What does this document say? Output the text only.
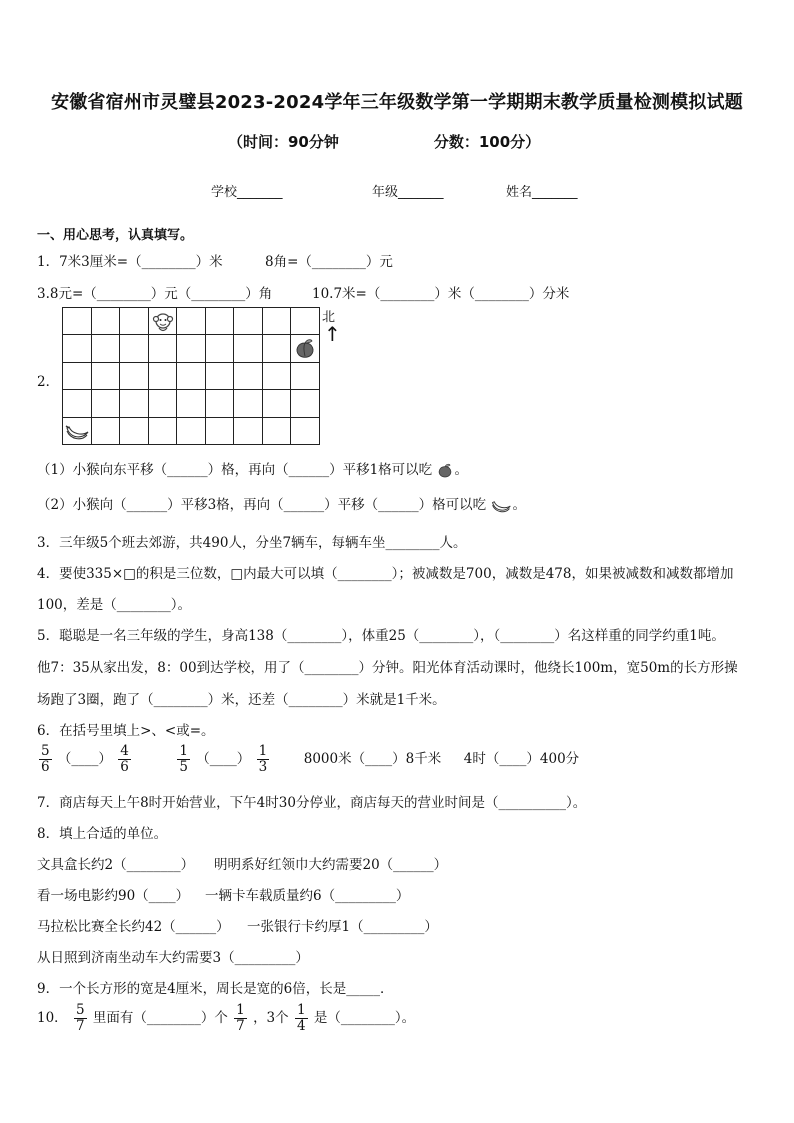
安徽省宿州市灵璧县2023-2024学年三年级数学第一学期期末教学质量检测模拟试题
（时间：90分钟	分数：100分）
学校_______	年级_______	姓名_______
一、用心思考，认真填写。
1．7米3厘米=（________）米	8角=（________）元
3.8元=（________）元（________）角	10.7米=（________）米（________）分米
2．
北
↑
（1）小猴向东平移（______）格，再向（______）平移1格可以吃 。
（2）小猴向（______）平移3格，再向（______）平移（______）格可以吃 。
3．三年级5个班去郊游，共490人，分坐7辆车，每辆车坐________人。
4．要使335×□的积是三位数，□内最大可以填（________）；被减数是700，减数是478，如果被减数和减数都增加
100，差是（________）。
5．聪聪是一名三年级的学生，身高138（________），体重25（________），（________）名这样重的同学约重1吨。
他7：35从家出发，8：00到达学校，用了（________）分钟。阳光体育活动课时，他绕长100m，宽50m的长方形操
场跑了3圈，跑了（________）米，还差（________）米就是1千米。
6．在括号里填上>、<或=。
$\frac{5}{6}$ （____） $\frac{4}{6}$
	$\frac{1}{5}$ （____） $\frac{1}{3}$	8000米（____）8千米 4时（____）400分
7．商店每天上午8时开始营业，下午4时30分停业，商店每天的营业时间是（__________）。
8．填上合适的单位。
文具盒长约2（________） 明明系好红领巾大约需要20（______）
看一场电影约90（____） 一辆卡车载质量约6（_________）
马拉松比赛全长约42（______） 一张银行卡约厚1（_________）
从日照到济南坐动车大约需要3（_________）
9．一个长方形的宽是4厘米，周长是宽的6倍，长是_____．
10． $\frac{5}{7}$ 里面有（________）个 $\frac{1}{7}$ ，3个 $\frac{1}{4}$ 是（________）。
